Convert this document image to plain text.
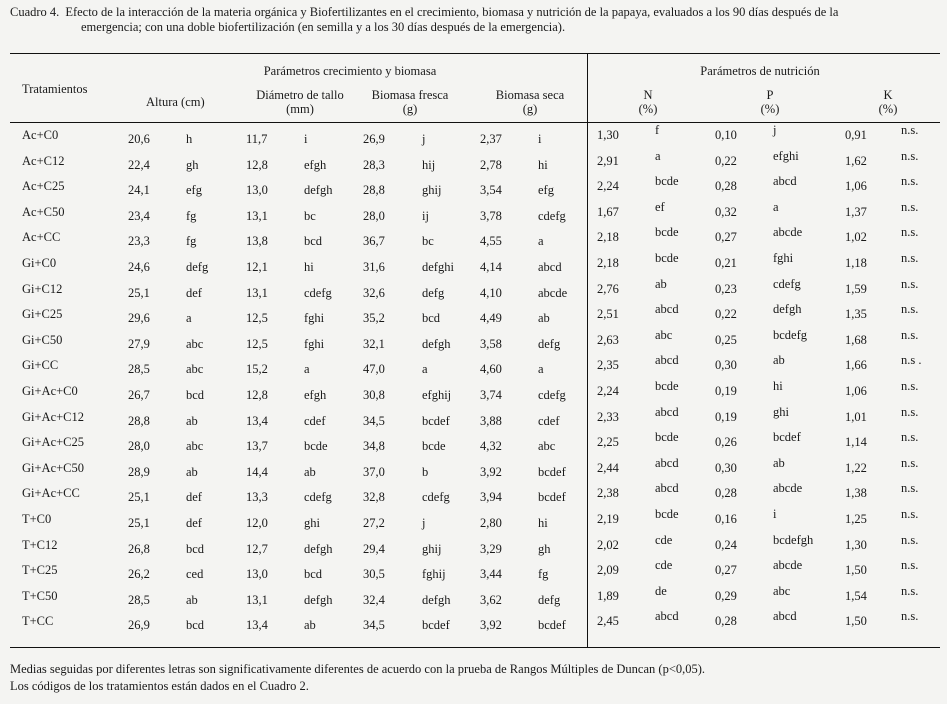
Cuadro 4. Efecto de la interacción de la materia orgánica y Biofertilizantes en el crecimiento, biomasa y nutrición de la papaya, evaluados a los 90 días después de la
emergencia; con una doble biofertilización (en semilla y a los 30 días después de la emergencia).
Tratamientos
Parámetros crecimiento y biomasa	Parámetros de nutrición
Altura (cm)	Diámetro de tallo
(mm)
Biomasa fresca
(g)
Biomasa seca
(g)
N
(%)
P
(%)
K
(%)
Ac+C0	20,6	h	11,7	i	26,9	j	2,37	i	1,30	f	0,10	j	0,91	n.s.
Ac+C12	22,4	gh	12,8	efgh	28,3	hij	2,78	hi	2,91	a	0,22	efghi	1,62	n.s.
Ac+C25	24,1	efg	13,0	defgh 28,8	ghij	3,54	efg	2,24	bcde	0,28	abcd	1,06	n.s.
Ac+C50	23,4	fg	13,1	bc	28,0	ij	3,78	cdefg 1,67	ef	0,32	a	1,37	n.s.
Ac+CC	23,3	fg	13,8	bcd	36,7	bc	4,55	a	2,18	bcde	0,27	abcde	1,02	n.s.
Gi+C0	24,6	defg	12,1	hi	31,6	defghi 4,14	abcd	2,18	bcde	0,21	fghi	1,18	n.s.
Gi+C12	25,1	def	13,1	cdefg 32,6	defg	4,10	abcde 2,76	ab	0,23	cdefg	1,59	n.s.
Gi+C25	29,6	a	12,5	fghi	35,2	bcd	4,49	ab	2,51	abcd	0,22	defgh	1,35	n.s.
Gi+C50	27,9	abc	12,5	fghi	32,1	defgh 3,58	defg	2,63	abc	0,25	bcdefg	1,68	n.s.
Gi+CC	28,5	abc	15,2	a	47,0	a	4,60	a	2,35	abcd	0,30	ab	1,66	n.s .
Gi+Ac+C0	26,7	bcd	12,8	efgh	30,8	efghij 3,74	cdefg 2,24	bcde	0,19	hi	1,06	n.s.
Gi+Ac+C12	28,8	ab	13,4	cdef	34,5	bcdef 3,88	cdef	2,33	abcd	0,19	ghi	1,01	n.s.
Gi+Ac+C25	28,0	abc	13,7	bcde	34,8	bcde	4,32	abc	2,25	bcde	0,26	bcdef	1,14	n.s.
Gi+Ac+C50	28,9	ab	14,4	ab	37,0	b	3,92	bcdef 2,44	abcd	0,30	ab	1,22	n.s.
Gi+Ac+CC	25,1	def	13,3	cdefg 32,8	cdefg 3,94	bcdef 2,38	abcd	0,28	abcde	1,38	n.s.
T+C0	25,1	def	12,0	ghi	27,2	j	2,80	hi	2,19	bcde	0,16	i	1,25	n.s.
T+C12	26,8	bcd	12,7	defgh 29,4	ghij	3,29	gh	2,02	cde	0,24	bcdefgh	1,30	n.s.
T+C25	26,2	ced	13,0	bcd	30,5	fghij	3,44	fg	2,09	cde	0,27	abcde	1,50	n.s.
T+C50	28,5	ab	13,1	defgh 32,4	defgh 3,62	defg	1,89	de	0,29	abc	1,54	n.s.
T+CC	26,9	bcd	13,4	ab	34,5	bcdef 3,92	bcdef 2,45	abcd	0,28	abcd	1,50	n.s.
Medias seguidas por diferentes letras son significativamente diferentes de acuerdo con la prueba de Rangos Múltiples de Duncan (p<0,05).
Los códigos de los tratamientos están dados en el Cuadro 2.
